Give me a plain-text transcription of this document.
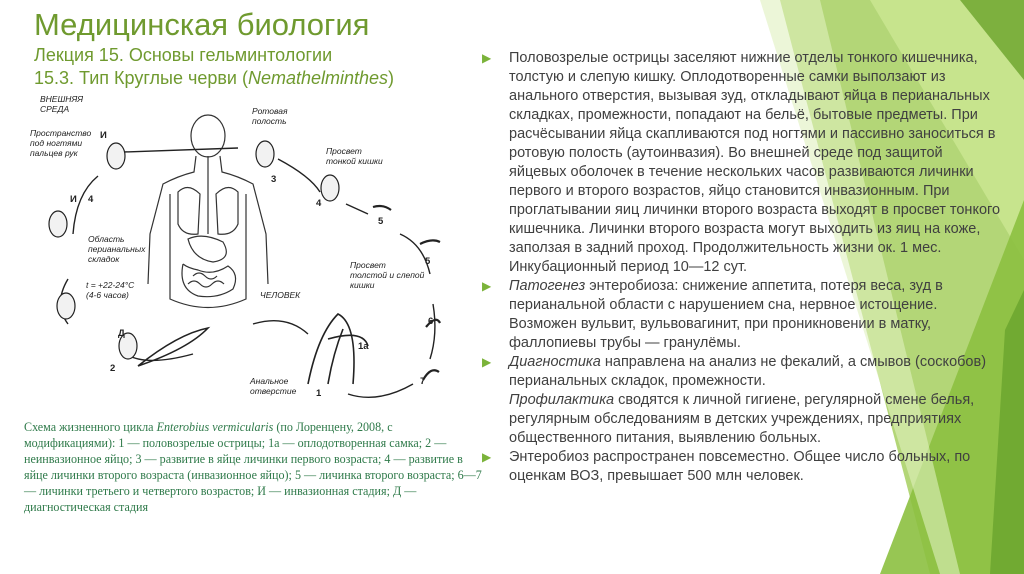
Медицинская биология
Лекция 15. Основы гельминтологии
15.3. Тип Круглые черви (Nemathelminthes)
И
И
Д
1
1а
2
3
4
4
5
5
6
7
ВНЕШНЯЯ
СРЕДА
Пространство
под ногтями
пальцев рук
Ротовая
полость
Просвет
тонкой кишки
Область
перианальных
складок
t = +22-24°C
(4-6 часов)
Просвет
толстой и слепой
кишки
ЧЕЛОВЕК
Анальное
отверстие
Схема жизненного цикла Enterobius vermicularis (по Лоренцену, 2008, с модификациями): 1 — половозрелые острицы; 1а — оплодотворенная самка; 2 — неинвазионное яйцо; 3 — развитие в яйце личинки первого возраста; 4 — развитие в яйце личинки второго возраста (инвазионное яйцо); 5 — личинка второго возраста; 6—7 — личинки третьего и четвертого возрастов; И — инвазионная стадия; Д — диагностическая стадия
▶ Половозрелые острицы заселяют нижние отделы тонкого кишечника, толстую и слепую кишку. Оплодотворенные самки выползают из анального отверстия, вызывая зуд, откладывают яйца в перианальных складках, промежности, попадают на бельё, бытовые предметы. При расчёсывании яйца скапливаются под ногтями и пассивно заноситься в ротовую полость (аутоинвазия). Во внешней среде под защитой яйцевых оболочек в течение нескольких часов развиваются личинки первого и второго возрастов, яйцо становится инвазионным. При проглатывании яиц личинки второго возраста выходят в просвет тонкого кишечника. Личинки второго возраста могут выходить из яиц на коже, заползая в задний проход. Продолжительность жизни ок. 1 мес. Инкубационный период 10—12 сут.
▶ Патогенез энтеробиоза: снижение аппетита, потеря веса, зуд в перианальной области с нарушением сна, нервное истощение. Возможен вульвит, вульвовагинит, при проникновении в матку, фаллопиевы трубы — гранулёмы.
▶ Диагностика направлена на анализ не фекалий, а смывов (соскобов) перианальных складок, промежности.

Профилактика сводятся к личной гигиене, регулярной смене белья, регулярным обследованиям в детских учреждениях, предприятиях общественного питания, выявлению больных.

▶ Энтеробиоз распространен повсеместно. Общее число больных, по оценкам ВОЗ, превышает 500 млн человек.
